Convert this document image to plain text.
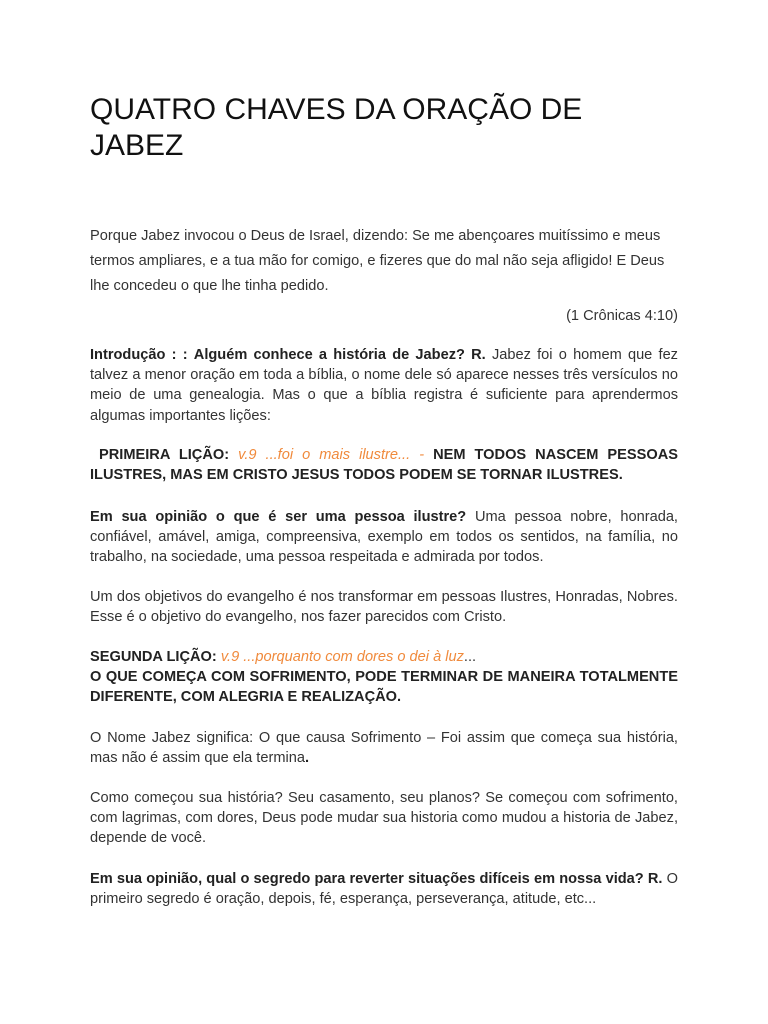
QUATRO CHAVES DA ORAÇÃO DE JABEZ
Porque Jabez invocou o Deus de Israel, dizendo: Se me abençoares muitíssimo e meus termos ampliares, e a tua mão for comigo, e fizeres que do mal não seja afligido! E Deus lhe concedeu o que lhe tinha pedido.
(1 Crônicas 4:10)
Introdução : : Alguém conhece a história de Jabez? R. Jabez foi o homem que fez talvez a menor oração em toda a bíblia, o nome dele só aparece nesses três versículos no meio de uma genealogia. Mas o que a bíblia registra é suficiente para aprendermos algumas importantes lições:
PRIMEIRA LIÇÃO: v.9 ...foi o mais ilustre... - NEM TODOS NASCEM PESSOAS ILUSTRES, MAS EM CRISTO JESUS TODOS PODEM SE TORNAR ILUSTRES.
Em sua opinião o que é ser uma pessoa ilustre? Uma pessoa nobre, honrada, confiável, amável, amiga, compreensiva, exemplo em todos os sentidos, na família, no trabalho, na sociedade, uma pessoa respeitada e admirada por todos.
Um dos objetivos do evangelho é nos transformar em pessoas Ilustres, Honradas, Nobres. Esse é o objetivo do evangelho, nos fazer parecidos com Cristo.
SEGUNDA LIÇÃO: v.9 ...porquanto com dores o dei à luz...
O QUE COMEÇA COM SOFRIMENTO, PODE TERMINAR DE MANEIRA TOTALMENTE DIFERENTE, COM ALEGRIA E REALIZAÇÃO.
O Nome Jabez significa: O que causa Sofrimento – Foi assim que começa sua história, mas não é assim que ela termina.
Como começou sua história? Seu casamento, seu planos? Se começou com sofrimento, com lagrimas, com dores, Deus pode mudar sua historia como mudou a historia de Jabez, depende de você.
Em sua opinião, qual o segredo para reverter situações difíceis em nossa vida? R. O primeiro segredo é oração, depois, fé, esperança, perseverança, atitude, etc...
